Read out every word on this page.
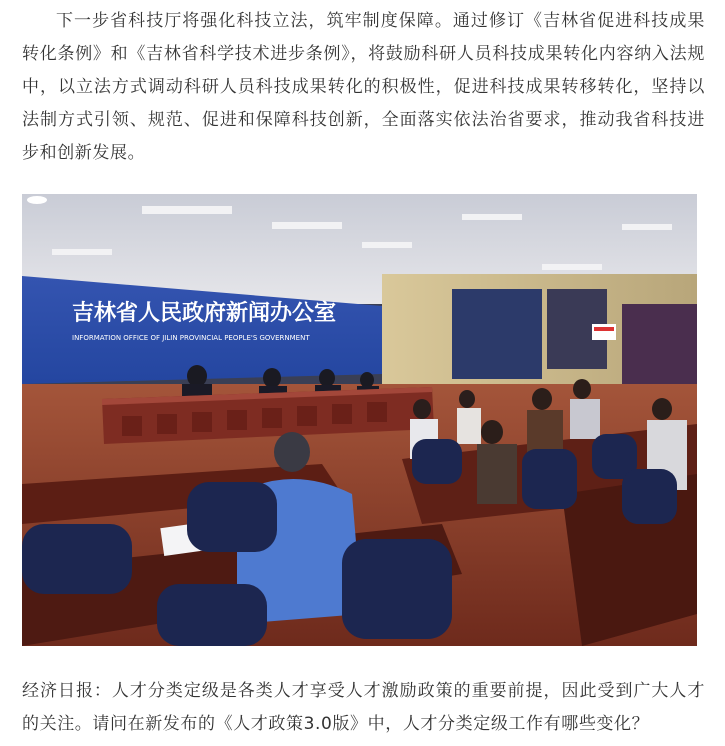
下一步省科技厅将强化科技立法，筑牢制度保障。通过修订《吉林省促进科技成果转化条例》和《吉林省科学技术进步条例》，将鼓励科研人员科技成果转化内容纳入法规中，以立法方式调动科研人员科技成果转化的积极性，促进科技成果转移转化，坚持以法制方式引领、规范、促进和保障科技创新，全面落实依法治省要求，推动我省科技进步和创新发展。

吉林省人民政府新闻办公室
INFORMATION OFFICE OF JILIN PROVINCIAL PEOPLE'S GOVERNMENT

经济日报：人才分类定级是各类人才享受人才激励政策的重要前提，因此受到广大人才的关注。请问在新发布的《人才政策3.0版》中，人才分类定级工作有哪些变化？
